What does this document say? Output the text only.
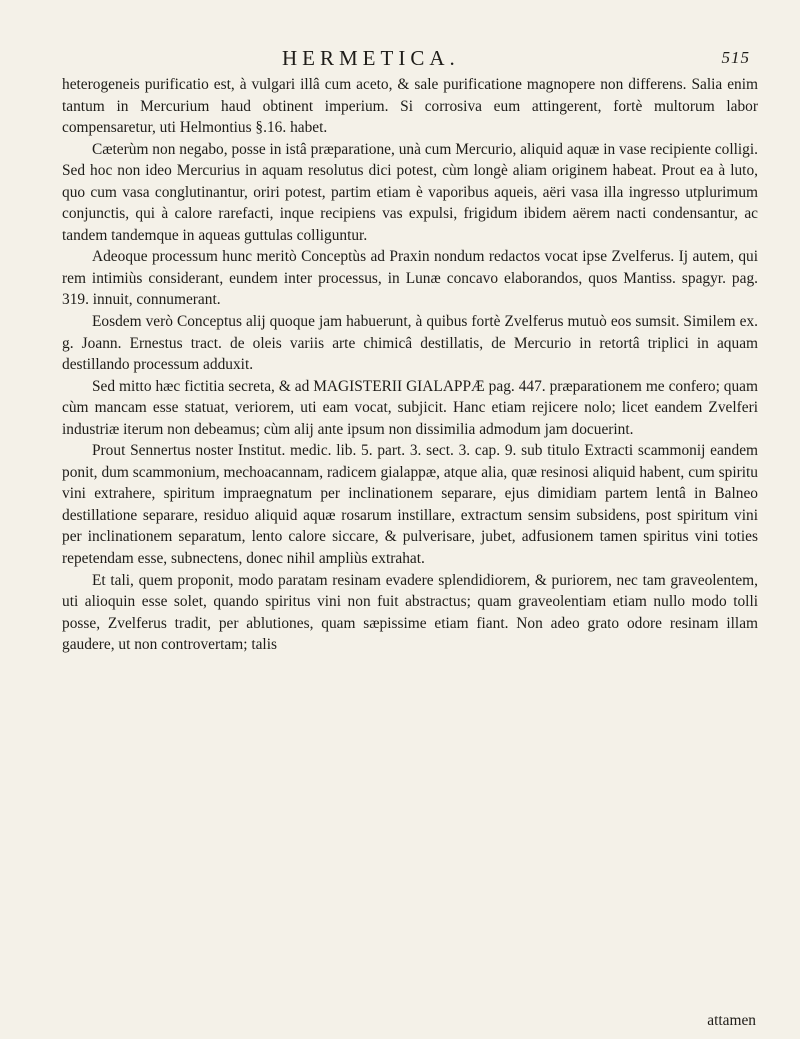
HERMETICA.	515

heterogeneis purificatio est, à vulgari illâ cum aceto, & sale purificatione magnopere non differens. Salia enim tantum in Mercurium haud obtinent imperium. Si corrosiva eum attingerent, fortè multorum labor compensaretur, uti Helmontius §.16. habet.

Cæterùm non negabo, posse in istâ præparatione, unà cum Mercurio, aliquid aquæ in vase recipiente colligi. Sed hoc non ideo Mercurius in aquam resolutus dici potest, cùm longè aliam originem habeat. Prout ea à luto, quo cum vasa conglutinantur, oriri potest, partim etiam è vaporibus aqueis, aëri vasa illa ingresso utplurimum conjunctis, qui à calore rarefacti, inque recipiens vas expulsi, frigidum ibidem aërem nacti condensantur, ac tandem tandemque in aqueas guttulas colliguntur.

Adeoque processum hunc meritò Conceptùs ad Praxin nondum redactos vocat ipse Zvelferus. Ij autem, qui rem intimiùs considerant, eundem inter processus, in Lunæ concavo elaborandos, quos Mantiss. spagyr. pag. 319. innuit, connumerant.

Eosdem verò Conceptus alij quoque jam habuerunt, à quibus fortè Zvelferus mutuò eos sumsit. Similem ex. g. Joann. Ernestus tract. de oleis variis arte chimicâ destillatis, de Mercurio in retortâ triplici in aquam destillando processum adduxit.

Sed mitto hæc fictitia secreta, & ad MAGISTERII GIALAPPÆ pag. 447. præparationem me confero; quam cùm mancam esse statuat, veriorem, uti eam vocat, subjicit. Hanc etiam rejicere nolo; licet eandem Zvelferi industriæ iterum non debeamus; cùm alij ante ipsum non dissimilia admodum jam docuerint.

Prout Sennertus noster Institut. medic. lib. 5. part. 3. sect. 3. cap. 9. sub titulo Extracti scammonij eandem ponit, dum scammonium, mechoacannam, radicem gialappæ, atque alia, quæ resinosi aliquid habent, cum spiritu vini extrahere, spiritum impraegnatum per inclinationem separare, ejus dimidiam partem lentâ in Balneo destillatione separare, residuo aliquid aquæ rosarum instillare, extractum sensim subsidens, post spiritum vini per inclinationem separatum, lento calore siccare, & pulverisare, jubet, adfusionem tamen spiritus vini toties repetendam esse, subnectens, donec nihil ampliùs extrahat.

Et tali, quem proponit, modo paratam resinam evadere splendidiorem, & puriorem, nec tam graveolentem, uti alioquin esse solet, quando spiritus vini non fuit abstractus; quam graveolentiam etiam nullo modo tolli posse, Zvelferus tradit, per ablutiones, quam sæpissime etiam fiant. Non adeo grato odore resinam illam gaudere, ut non controvertam; talis

attamen
